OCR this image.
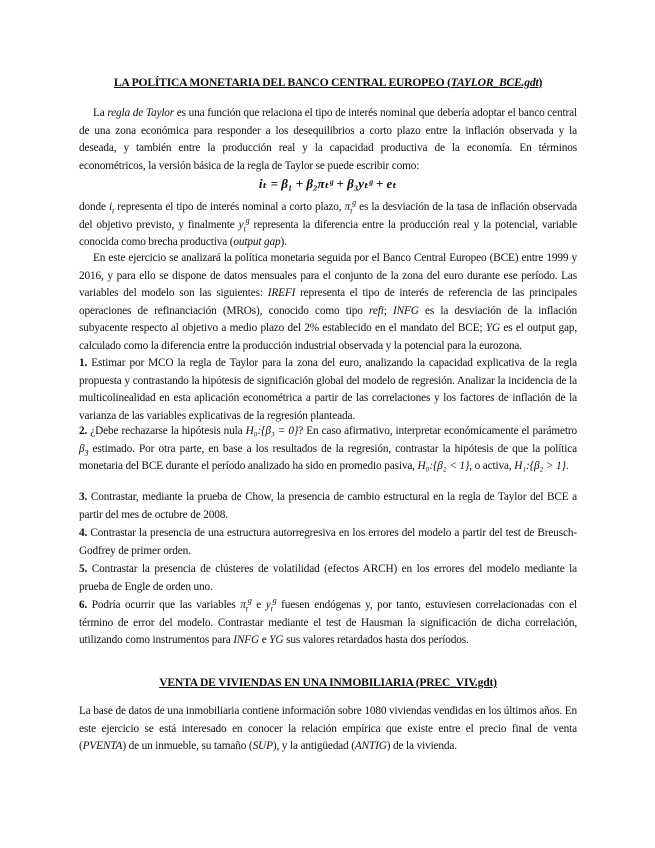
LA POLÍTICA MONETARIA DEL BANCO CENTRAL EUROPEO (TAYLOR_BCE.gdt)

La regla de Taylor es una función que relaciona el tipo de interés nominal que debería adoptar el banco central de una zona económica para responder a los desequilibrios a corto plazo entre la inflación observada y la deseada, y también entre la producción real y la capacidad productiva de la economía. En términos econométricos, la versión básica de la regla de Taylor se puede escribir como:

iₜ = β₁ + β₂πₜᵍ + β₃yₜᵍ + eₜ

donde $i_t$ representa el tipo de interés nominal a corto plazo, $\pi_t^g$ es la desviación de la tasa de inflación observada del objetivo previsto, y finalmente $y_t^g$ representa la diferencia entre la producción real y la potencial, variable conocida como brecha productiva (output gap).

En este ejercicio se analizará la política monetaria seguida por el Banco Central Europeo (BCE) entre 1999 y 2016, y para ello se dispone de datos mensuales para el conjunto de la zona del euro durante ese período. Las variables del modelo son las siguientes: IREFI representa el tipo de interés de referencia de las principales operaciones de refinanciación (MROs), conocido como tipo refi; INFG es la desviación de la inflación subyacente respecto al objetivo a medio plazo del 2% establecido en el mandato del BCE; YG es el output gap, calculado como la diferencia entre la producción industrial observada y la potencial para la eurozona.

1. Estimar por MCO la regla de Taylor para la zona del euro, analizando la capacidad explicativa de la regla propuesta y contrastando la hipótesis de significación global del modelo de regresión. Analizar la incidencia de la multicolinealidad en esta aplicación econométrica a partir de las correlaciones y los factores de inflación de la varianza de las variables explicativas de la regresión planteada.

2. ¿Debe rechazarse la hipótesis nula H₀:{β₃ = 0}? En caso afirmativo, interpretar económicamente el parámetro $\beta_3$ estimado. Por otra parte, en base a los resultados de la regresión, contrastar la hipótesis de que la política monetaria del BCE durante el período analizado ha sido en promedio pasiva, H₀:{β₂ < 1}, o activa, H₁:{β₂ > 1}.

3. Contrastar, mediante la prueba de Chow, la presencia de cambio estructural en la regla de Taylor del BCE a partir del mes de octubre de 2008.

4. Contrastar la presencia de una estructura autorregresiva en los errores del modelo a partir del test de Breusch-Godfrey de primer orden.

5. Contrastar la presencia de clústeres de volatilidad (efectos ARCH) en los errores del modelo mediante la prueba de Engle de orden uno.

6. Podría ocurrir que las variables $\pi_t^g$ e $y_t^g$ fuesen endógenas y, por tanto, estuviesen correlacionadas con el término de error del modelo. Contrastar mediante el test de Hausman la significación de dicha correlación, utilizando como instrumentos para INFG e YG sus valores retardados hasta dos períodos.

VENTA DE VIVIENDAS EN UNA INMOBILIARIA (PREC_VIV.gdt)

La base de datos de una inmobiliaria contiene información sobre 1080 viviendas vendidas en los últimos años. En este ejercicio se está interesado en conocer la relación empírica que existe entre el precio final de venta (PVENTA) de un inmueble, su tamaño (SUP), y la antigüedad (ANTIG) de la vivienda.
